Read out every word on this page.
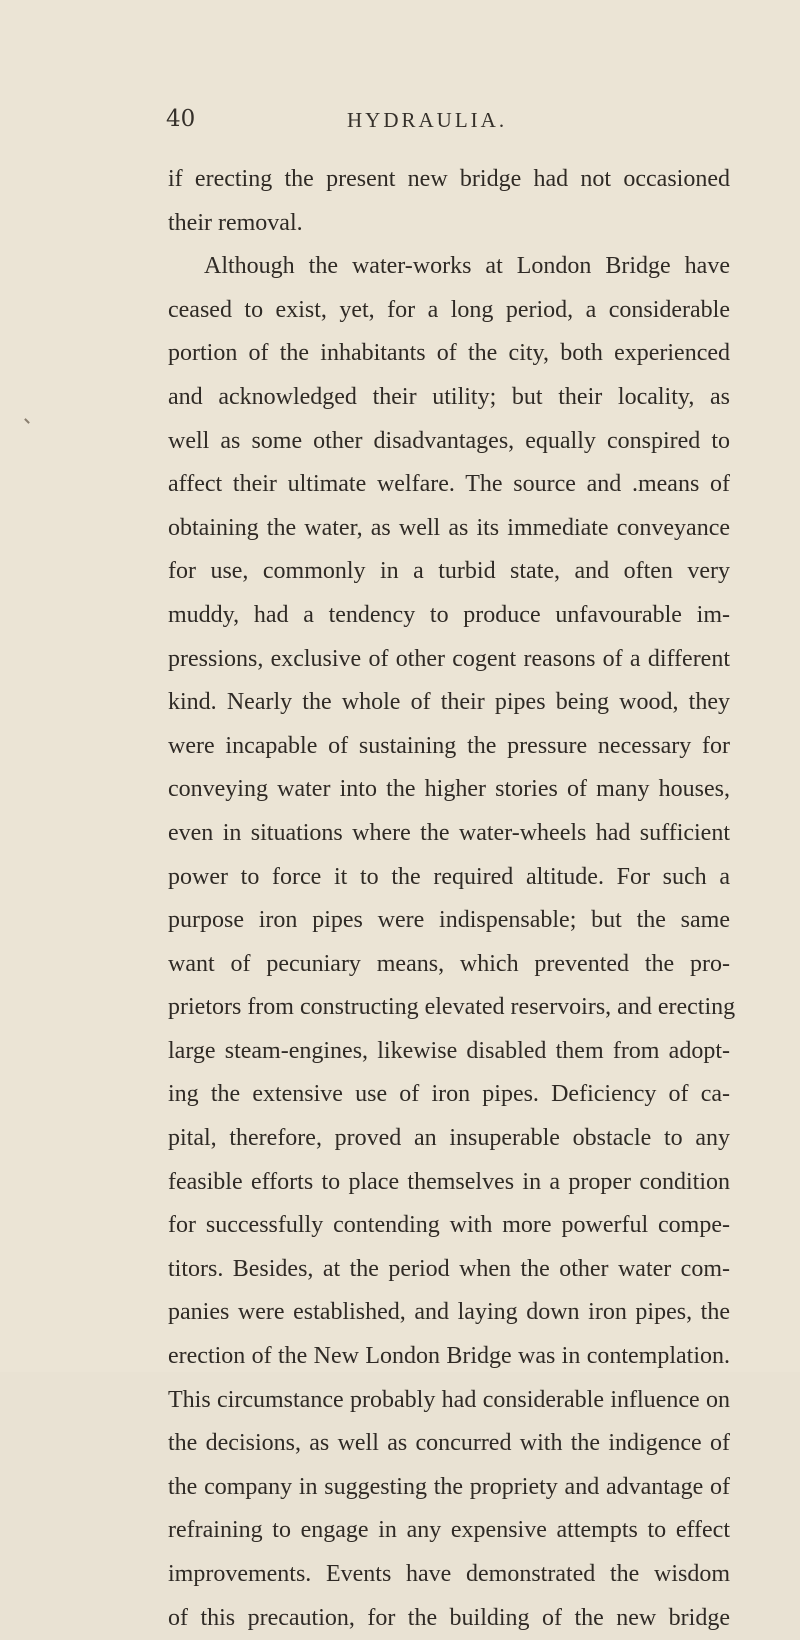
40	HYDRAULIA.
if erecting the present new bridge had not occasioned
their removal.
Although the water-works at London Bridge have
ceased to exist, yet, for a long period, a considerable
portion of the inhabitants of the city, both experienced
and acknowledged their utility; but their locality, as
well as some other disadvantages, equally conspired to
affect their ultimate welfare. The source and .means of
obtaining the water, as well as its immediate conveyance
for use, commonly in a turbid state, and often very
muddy, had a tendency to produce unfavourable im-
pressions, exclusive of other cogent reasons of a different
kind. Nearly the whole of their pipes being wood, they
were incapable of sustaining the pressure necessary for
conveying water into the higher stories of many houses,
even in situations where the water-wheels had sufficient
power to force it to the required altitude. For such a
purpose iron pipes were indispensable; but the same
want of pecuniary means, which prevented the pro-
prietors from constructing elevated reservoirs, and erecting
large steam-engines, likewise disabled them from adopt-
ing the extensive use of iron pipes. Deficiency of ca-
pital, therefore, proved an insuperable obstacle to any
feasible efforts to place themselves in a proper condition
for successfully contending with more powerful compe-
titors. Besides, at the period when the other water com-
panies were established, and laying down iron pipes, the
erection of the New London Bridge was in contemplation.
This circumstance probably had considerable influence on
the decisions, as well as concurred with the indigence of
the company in suggesting the propriety and advantage of
refraining to engage in any expensive attempts to effect
improvements. Events have demonstrated the wisdom
of this precaution, for the building of the new bridge
